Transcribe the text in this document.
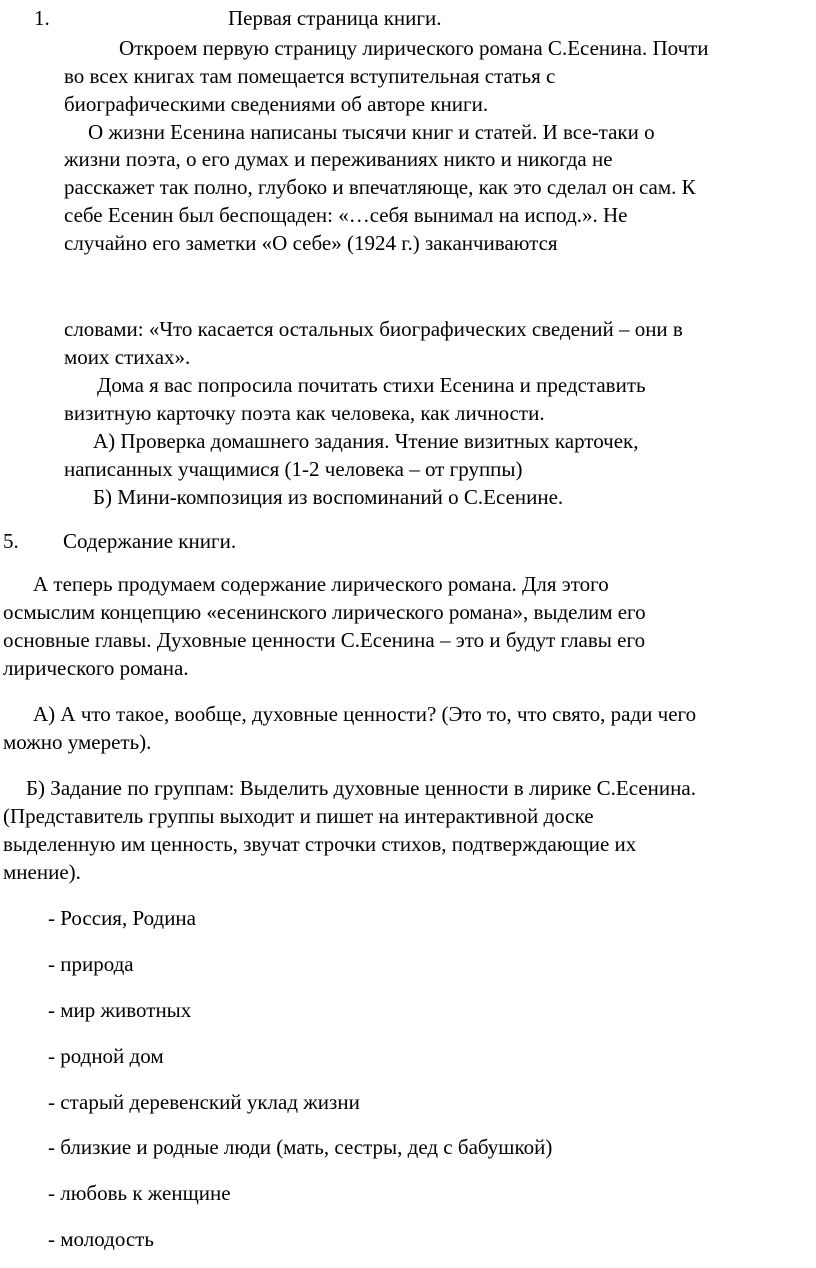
1.	Первая страница книги.
Откроем первую страницу лирического романа С.Есенина. Почти
во всех книгах там помещается вступительная статья с
биографическими сведениями об авторе книги.
О жизни Есенина написаны тысячи книг и статей. И все-таки о
жизни поэта, о его думах и переживаниях никто и никогда не
расскажет так полно, глубоко и впечатляюще, как это сделал он сам. К
себе Есенин был беспощаден: «…себя вынимал на испод.». Не
случайно его заметки «О себе» (1924 г.) заканчиваются
словами: «Что касается остальных биографических сведений – они в
моих стихах».
Дома я вас попросила почитать стихи Есенина и представить
визитную карточку поэта как человека, как личности.
А) Проверка домашнего задания. Чтение визитных карточек,
написанных учащимися (1-2 человека – от группы)
Б) Мини-композиция из воспоминаний о С.Есенине.
5. Содержание книги.
А теперь продумаем содержание лирического романа. Для этого
осмыслим концепцию «есенинского лирического романа», выделим его
основные главы. Духовные ценности С.Есенина – это и будут главы его
лирического романа.
А) А что такое, вообще, духовные ценности? (Это то, что свято, ради чего
можно умереть).
Б) Задание по группам: Выделить духовные ценности в лирике С.Есенина.
(Представитель группы выходит и пишет на интерактивной доске
выделенную им ценность, звучат строчки стихов, подтверждающие их
мнение).
- Россия, Родина
- природа
- мир животных
- родной дом
- старый деревенский уклад жизни
- близкие и родные люди (мать, сестры, дед с бабушкой)
- любовь к женщине
- молодость
